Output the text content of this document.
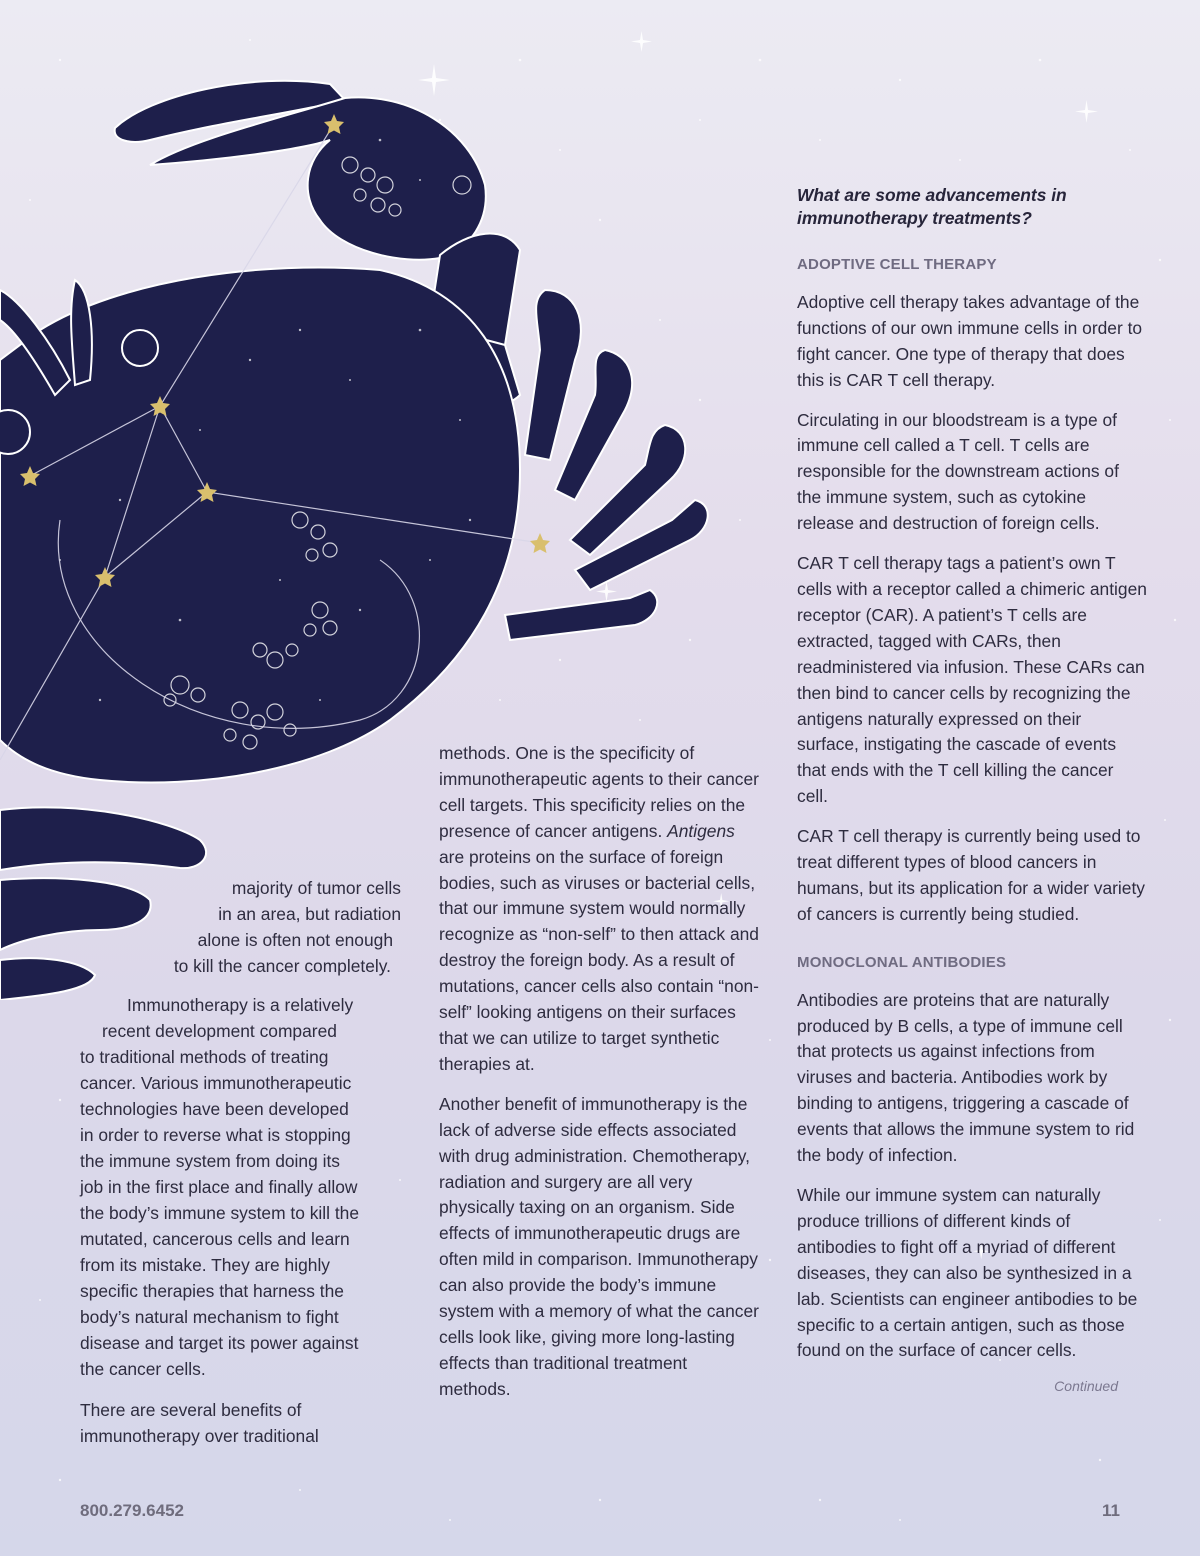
majority of tumor cells
in an area, but radiation
alone is often not enough
to kill the cancer completely.
Immunotherapy is a relatively
recent development compared
to traditional methods of treating
cancer. Various immunotherapeutic
technologies have been developed
in order to reverse what is stopping
the immune system from doing its
job in the first place and finally allow
the body’s immune system to kill the
mutated, cancerous cells and learn
from its mistake. They are highly
specific therapies that harness the
body’s natural mechanism to fight
disease and target its power against
the cancer cells.
There are several benefits of
immunotherapy over traditional

methods. One is the specificity of immunotherapeutic agents to their cancer cell targets. This specificity relies on the presence of cancer antigens. Antigens are proteins on the surface of foreign bodies, such as viruses or bacterial cells, that our immune system would normally recognize as “non-self” to then attack and destroy the foreign body. As a result of mutations, cancer cells also contain “non-self” looking antigens on their surfaces that we can utilize to target synthetic therapies at.

Another benefit of immunotherapy is the lack of adverse side effects associated with drug administration. Chemotherapy, radiation and surgery are all very physically taxing on an organism. Side effects of immunotherapeutic drugs are often mild in comparison. Immunotherapy can also provide the body’s immune system with a memory of what the cancer cells look like, giving more long-lasting effects than traditional treatment methods.

What are some advancements in immunotherapy treatments?
ADOPTIVE CELL THERAPY

Adoptive cell therapy takes advantage of the functions of our own immune cells in order to fight cancer. One type of therapy that does this is CAR T cell therapy.

Circulating in our bloodstream is a type of immune cell called a T cell. T cells are responsible for the downstream actions of the immune system, such as cytokine release and destruction of foreign cells.

CAR T cell therapy tags a patient’s own T cells with a receptor called a chimeric antigen receptor (CAR). A patient’s T cells are extracted, tagged with CARs, then readministered via infusion. These CARs can then bind to cancer cells by recognizing the antigens naturally expressed on their surface, instigating the cascade of events that ends with the T cell killing the cancer cell.

CAR T cell therapy is currently being used to treat different types of blood cancers in humans, but its application for a wider variety of cancers is currently being studied.

MONOCLONAL ANTIBODIES

Antibodies are proteins that are naturally produced by B cells, a type of immune cell that protects us against infections from viruses and bacteria. Antibodies work by binding to antigens, triggering a cascade of events that allows the immune system to rid the body of infection.

While our immune system can naturally produce trillions of different kinds of antibodies to fight off a myriad of different diseases, they can also be synthesized in a lab. Scientists can engineer antibodies to be specific to a certain antigen, such as those found on the surface of cancer cells.

Continued
800.279.6452	11
